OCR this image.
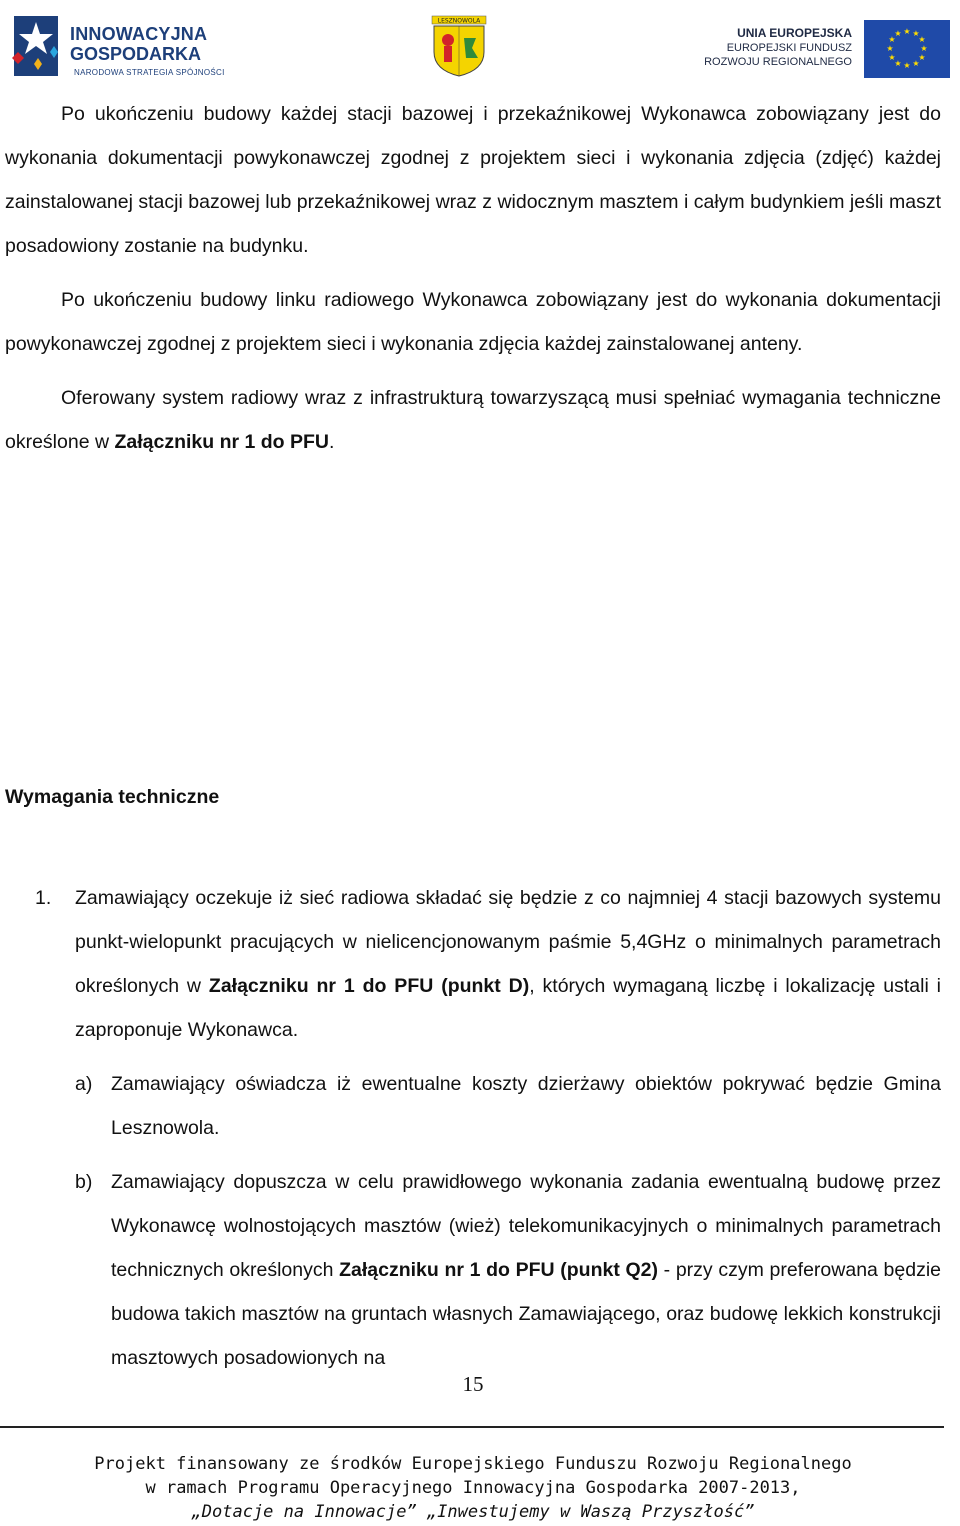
INNOWACYJNA
GOSPODARKA
NARODOWA STRATEGIA SPÓJNOŚCI
LESZNOWOLA
UNIA EUROPEJSKA
EUROPEJSKI FUNDUSZ
ROZWOJU REGIONALNEGO
★ ★
★
★
★
★
★
★
★
★
★
★

Po ukończeniu budowy każdej stacji bazowej i przekaźnikowej Wykonawca zobowiązany jest do wykonania dokumentacji powykonawczej zgodnej z projektem sieci i wykonania zdjęcia (zdjęć) każdej zainstalowanej stacji bazowej lub przekaźnikowej wraz z widocznym masztem i całym budynkiem jeśli maszt posadowiony zostanie na budynku.

Po ukończeniu budowy linku radiowego Wykonawca zobowiązany jest do wykonania dokumentacji powykonawczej zgodnej z projektem sieci i wykonania zdjęcia każdej zainstalowanej anteny.

Oferowany system radiowy wraz z infrastrukturą towarzyszącą musi spełniać wymagania techniczne określone w Załączniku nr 1 do PFU.

Wymagania techniczne
1. Zamawiający oczekuje iż sieć radiowa składać się będzie z co najmniej 4 stacji bazowych systemu punkt-wielopunkt pracujących w nielicencjonowanym paśmie 5,4GHz o minimalnych parametrach określonych w Załączniku nr 1 do PFU (punkt D), których wymaganą liczbę i lokalizację ustali i zaproponuje Wykonawca.
a) Zamawiający oświadcza iż ewentualne koszty dzierżawy obiektów pokrywać będzie Gmina Lesznowola.
b) Zamawiający dopuszcza w celu prawidłowego wykonania zadania ewentualną budowę przez Wykonawcę wolnostojących masztów (wież) telekomunikacyjnych o minimalnych parametrach technicznych określonych Załączniku nr 1 do PFU (punkt Q2) - przy czym preferowana będzie budowa takich masztów na gruntach własnych Zamawiającego, oraz budowę lekkich konstrukcji masztowych posadowionych na
15
Projekt finansowany ze środków Europejskiego Funduszu Rozwoju Regionalnego
w ramach Programu Operacyjnego Innowacyjna Gospodarka 2007-2013,
„Dotacje na Innowacje” „Inwestujemy w Waszą Przyszłość”
